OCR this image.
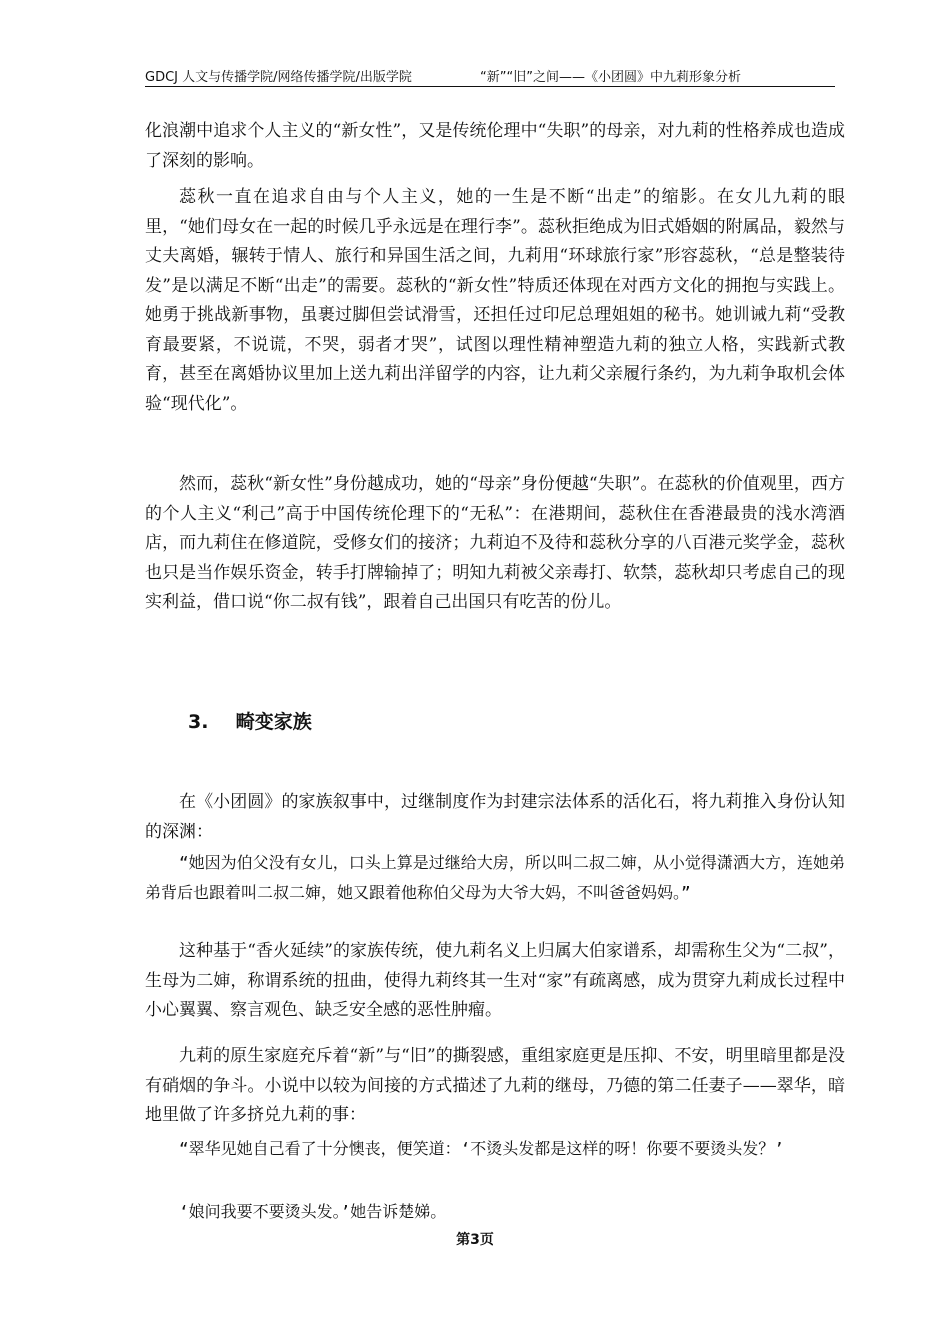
GDCJ 人文与传播学院/网络传播学院/出版学院	“新”“旧”之间——《小团圆》中九莉形象分析
化浪潮中追求个人主义的“新女性”，又是传统伦理中“失职”的母亲，对九莉的性格养成也造成了深刻的影响。
蕊秋一直在追求自由与个人主义，她的一生是不断“出走”的缩影。在女儿九莉的眼里，“她们母女在一起的时候几乎永远是在理行李”。蕊秋拒绝成为旧式婚姻的附属品，毅然与丈夫离婚，辗转于情人、旅行和异国生活之间，九莉用“环球旅行家”形容蕊秋，“总是整装待发”是以满足不断“出走”的需要。蕊秋的“新女性”特质还体现在对西方文化的拥抱与实践上。她勇于挑战新事物，虽裹过脚但尝试滑雪，还担任过印尼总理姐姐的秘书。她训诫九莉“受教育最要紧，不说谎，不哭，弱者才哭”，试图以理性精神塑造九莉的独立人格，实践新式教育，甚至在离婚协议里加上送九莉出洋留学的内容，让九莉父亲履行条约，为九莉争取机会体验“现代化”。
然而，蕊秋“新女性”身份越成功，她的“母亲”身份便越“失职”。在蕊秋的价值观里，西方的个人主义“利己”高于中国传统伦理下的“无私”：在港期间，蕊秋住在香港最贵的浅水湾酒店，而九莉住在修道院，受修女们的接济；九莉迫不及待和蕊秋分享的八百港元奖学金，蕊秋也只是当作娱乐资金，转手打牌输掉了；明知九莉被父亲毒打、软禁，蕊秋却只考虑自己的现实利益，借口说“你二叔有钱”，跟着自己出国只有吃苦的份儿。
3. 畸变家族
在《小团圆》的家族叙事中，过继制度作为封建宗法体系的活化石，将九莉推入身份认知的深渊：
“她因为伯父没有女儿，口头上算是过继给大房，所以叫二叔二婶，从小觉得潇洒大方，连她弟弟背后也跟着叫二叔二婶，她又跟着他称伯父母为大爷大妈，不叫爸爸妈妈。”
这种基于“香火延续”的家族传统，使九莉名义上归属大伯家谱系，却需称生父为“二叔”，生母为二婶，称谓系统的扭曲，使得九莉终其一生对“家”有疏离感，成为贯穿九莉成长过程中小心翼翼、察言观色、缺乏安全感的恶性肿瘤。
九莉的原生家庭充斥着“新”与“旧”的撕裂感，重组家庭更是压抑、不安，明里暗里都是没有硝烟的争斗。小说中以较为间接的方式描述了九莉的继母，乃德的第二任妻子——翠华，暗地里做了许多挤兑九莉的事：
“翠华见她自己看了十分懊丧，便笑道：‘不烫头发都是这样的呀！你要不要烫头发？’
‘娘问我要不要烫头发。’她告诉楚娣。
第3页
